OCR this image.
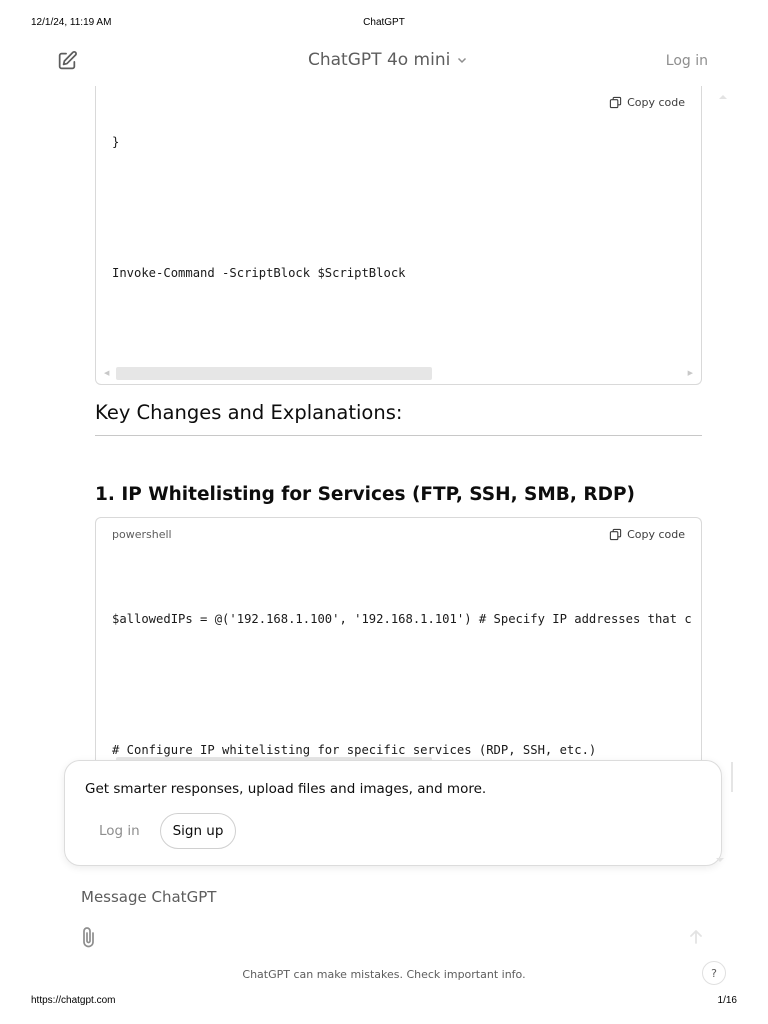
12/1/24, 11:19 AM	ChatGPT
ChatGPT 4o mini	Log in
Copy code

}

Invoke-Command -ScriptBlock $ScriptBlock

◀	▶
Key Changes and Explanations:
1. IP Whitelisting for Services (FTP, SSH, SMB, RDP)
powershell	Copy code

$allowedIPs = @('192.168.1.100', '192.168.1.101') # Specify IP addresses that c

# Configure IP whitelisting for specific services (RDP, SSH, etc.)

Get smarter responses, upload files and images, and more.
Log in	Sign up
Message ChatGPT
ChatGPT can make mistakes. Check important info.	?
https://chatgpt.com	1/16
